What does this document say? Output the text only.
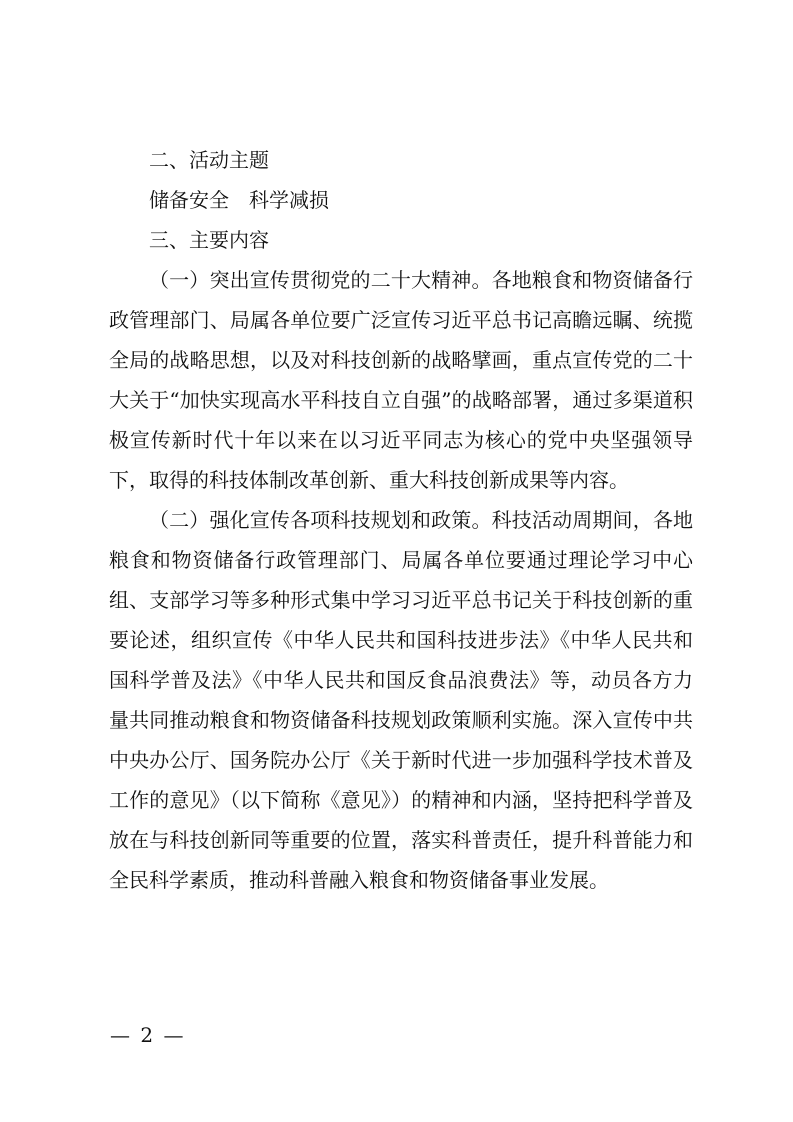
二、活动主题

储备安全　科学减损

三、主要内容

（一）突出宣传贯彻党的二十大精神。各地粮食和物资储备行政管理部门、局属各单位要广泛宣传习近平总书记高瞻远瞩、统揽全局的战略思想，以及对科技创新的战略擘画，重点宣传党的二十大关于“加快实现高水平科技自立自强”的战略部署，通过多渠道积极宣传新时代十年以来在以习近平同志为核心的党中央坚强领导下，取得的科技体制改革创新、重大科技创新成果等内容。

（二）强化宣传各项科技规划和政策。科技活动周期间，各地粮食和物资储备行政管理部门、局属各单位要通过理论学习中心组、支部学习等多种形式集中学习习近平总书记关于科技创新的重要论述，组织宣传《中华人民共和国科技进步法》《中华人民共和国科学普及法》《中华人民共和国反食品浪费法》等，动员各方力量共同推动粮食和物资储备科技规划政策顺利实施。深入宣传中共中央办公厅、国务院办公厅《关于新时代进一步加强科学技术普及工作的意见》（以下简称《意见》）的精神和内涵，坚持把科学普及放在与科技创新同等重要的位置，落实科普责任，提升科普能力和全民科学素质，推动科普融入粮食和物资储备事业发展。

— 2 —
